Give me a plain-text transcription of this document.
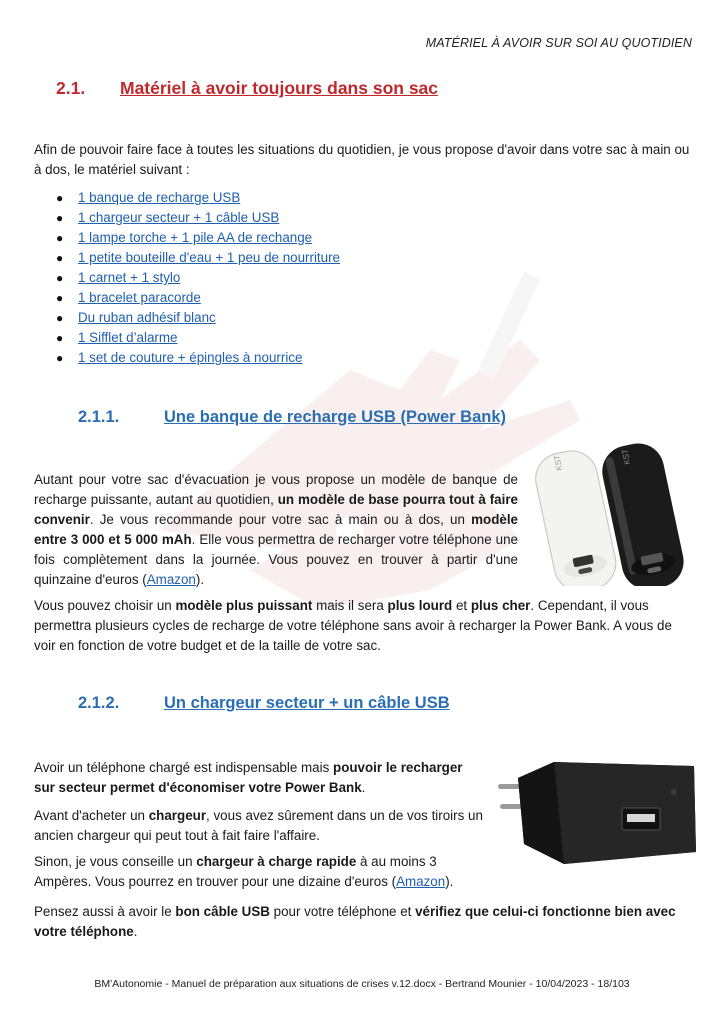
MATÉRIEL À AVOIR SUR SOI AU QUOTIDIEN
2.1. Matériel à avoir toujours dans son sac
Afin de pouvoir faire face à toutes les situations du quotidien, je vous propose d'avoir dans votre sac à main ou à dos, le matériel suivant :
● 1 banque de recharge USB
● 1 chargeur secteur + 1 câble USB
● 1 lampe torche + 1 pile AA de rechange
● 1 petite bouteille d'eau + 1 peu de nourriture
● 1 carnet + 1 stylo
● 1 bracelet paracorde
● Du ruban adhésif blanc
● 1 Sifflet d’alarme
● 1 set de couture + épingles à nourrice
2.1.1.	Une banque de recharge USB (Power Bank)
Autant pour votre sac d'évacuation je vous propose un modèle de banque de recharge puissante, autant au quotidien, un modèle de base pourra tout à faire convenir. Je vous recommande pour votre sac à main ou à dos, un modèle entre 3 000 et 5 000 mAh. Elle vous permettra de recharger votre téléphone une fois complètement dans la journée. Vous pouvez en trouver à partir d'une quinzaine d'euros (Amazon).
KST	KST
Vous pouvez choisir un modèle plus puissant mais il sera plus lourd et plus cher. Cependant, il vous permettra plusieurs cycles de recharge de votre téléphone sans avoir à recharger la Power Bank. A vous de voir en fonction de votre budget et de la taille de votre sac.
2.1.2.	Un chargeur secteur + un câble USB
Avoir un téléphone chargé est indispensable mais pouvoir le recharger sur secteur permet d'économiser votre Power Bank.
Avant d'acheter un chargeur, vous avez sûrement dans un de vos tiroirs un ancien chargeur qui peut tout à fait faire l'affaire.
Sinon, je vous conseille un chargeur à charge rapide à au moins 3 Ampères. Vous pourrez en trouver pour une dizaine d'euros (Amazon).
Pensez aussi à avoir le bon câble USB pour votre téléphone et vérifiez que celui-ci fonctionne bien avec votre téléphone.
BM'Autonomie - Manuel de préparation aux situations de crises v.12.docx - Bertrand Mounier - 10/04/2023 - 18/103
